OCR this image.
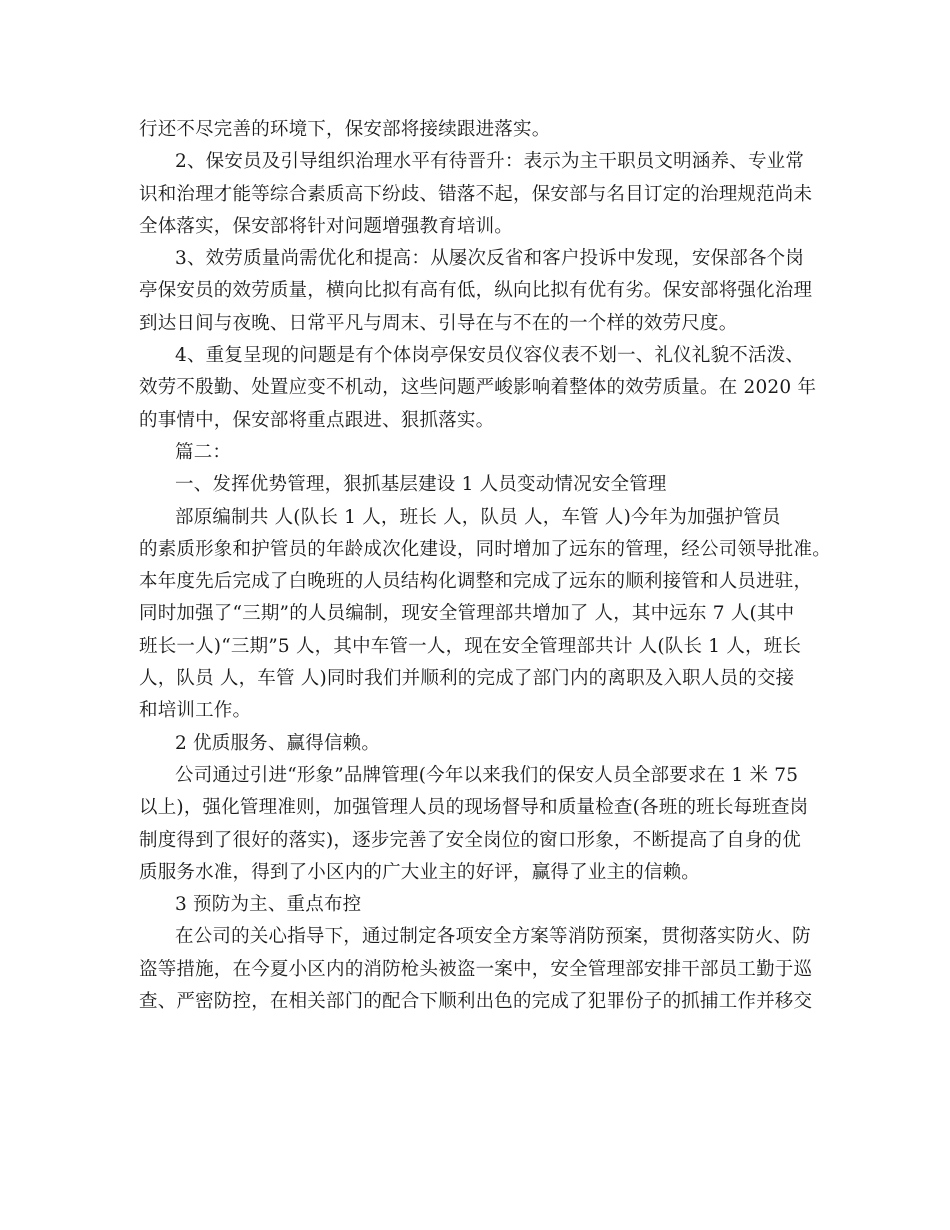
行还不尽完善的环境下，保安部将接续跟进落实。
2、保安员及引导组织治理水平有待晋升：表示为主干职员文明涵养、专业常
识和治理才能等综合素质高下纷歧、错落不起，保安部与名目订定的治理规范尚未
全体落实，保安部将针对问题增强教育培训。
3、效劳质量尚需优化和提高：从屡次反省和客户投诉中发现，安保部各个岗
亭保安员的效劳质量，横向比拟有高有低，纵向比拟有优有劣。保安部将强化治理
到达日间与夜晚、日常平凡与周末、引导在与不在的一个样的效劳尺度。
4、重复呈现的问题是有个体岗亭保安员仪容仪表不划一、礼仪礼貌不活泼、
效劳不殷勤、处置应变不机动，这些问题严峻影响着整体的效劳质量。在 2020 年
的事情中，保安部将重点跟进、狠抓落实。
篇二：
一、发挥优势管理，狠抓基层建设 1 人员变动情况安全管理
部原编制共 人(队长 1 人，班长 人，队员 人，车管 人)今年为加强护管员
的素质形象和护管员的年龄成次化建设，同时增加了远东的管理，经公司领导批准。
本年度先后完成了白晚班的人员结构化调整和完成了远东的顺利接管和人员进驻，
同时加强了“三期”的人员编制，现安全管理部共增加了 人，其中远东 7 人(其中
班长一人)“三期”5 人，其中车管一人，现在安全管理部共计 人(队长 1 人，班长
人，队员 人，车管 人)同时我们并顺利的完成了部门内的离职及入职人员的交接
和培训工作。
2 优质服务、赢得信赖。
公司通过引进“形象”品牌管理(今年以来我们的保安人员全部要求在 1 米 75
以上)，强化管理准则，加强管理人员的现场督导和质量检查(各班的班长每班查岗
制度得到了很好的落实)，逐步完善了安全岗位的窗口形象，不断提高了自身的优
质服务水准，得到了小区内的广大业主的好评，赢得了业主的信赖。
3 预防为主、重点布控
在公司的关心指导下，通过制定各项安全方案等消防预案，贯彻落实防火、防
盗等措施，在今夏小区内的消防枪头被盗一案中，安全管理部安排干部员工勤于巡
查、严密防控，在相关部门的配合下顺利出色的完成了犯罪份子的抓捕工作并移交
